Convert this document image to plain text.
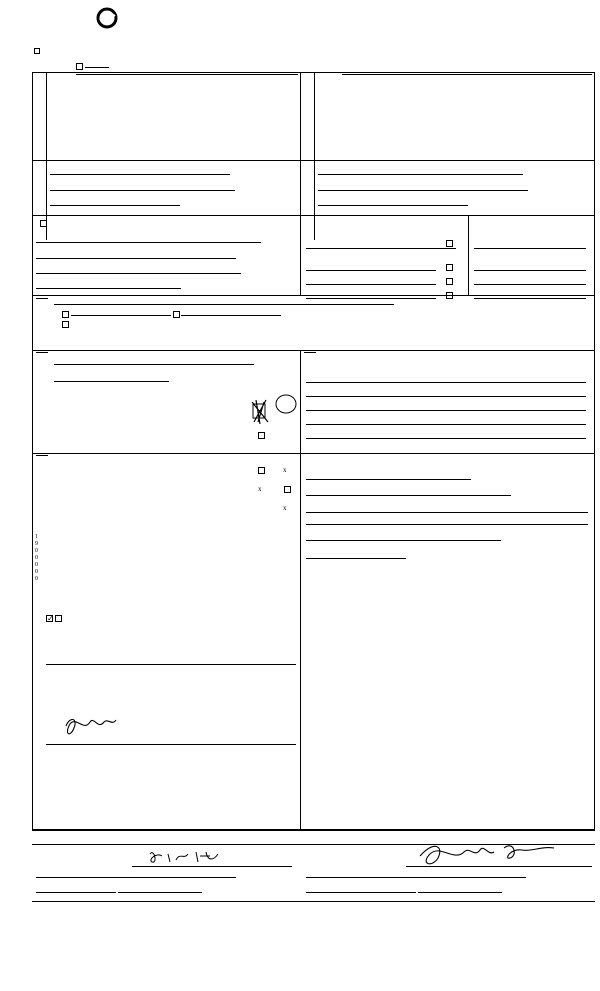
x
x
x
1
9
0
0
0
0
0
✓
